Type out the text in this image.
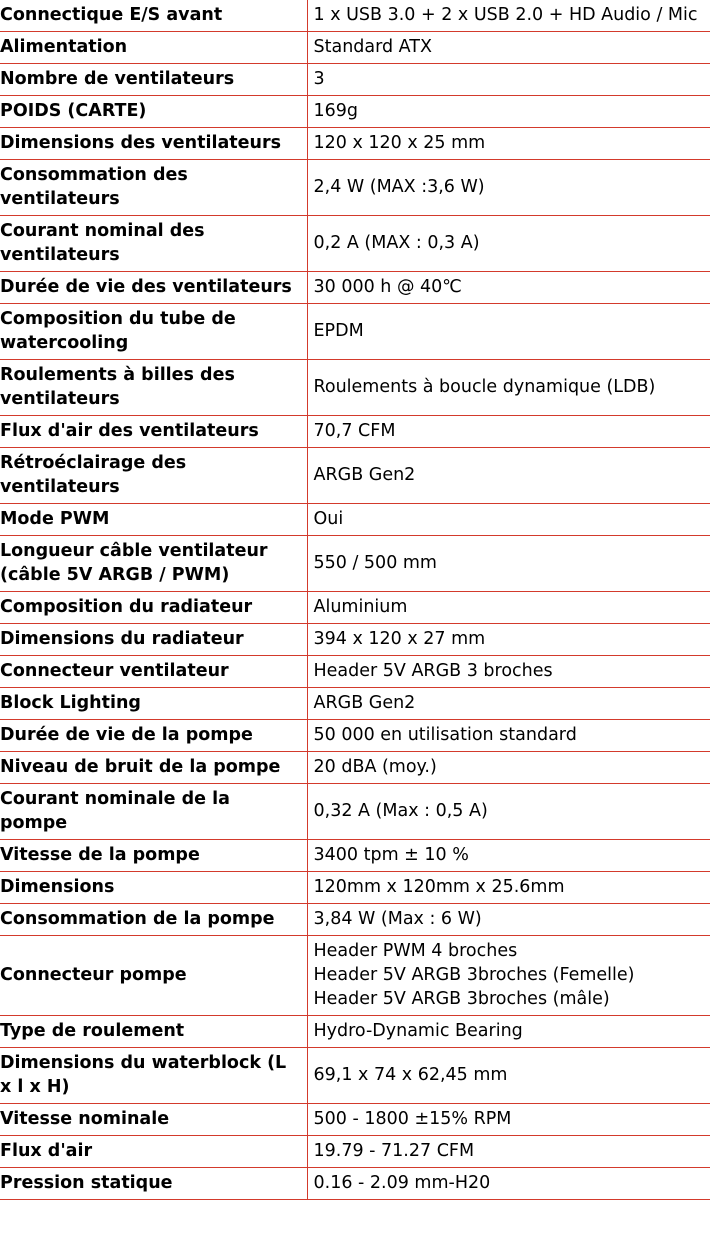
Connectique E/S avant	1 x USB 3.0 + 2 x USB 2.0 + HD Audio / Mic
Alimentation	Standard ATX
Nombre de ventilateurs	3
POIDS (CARTE)	169g
Dimensions des ventilateurs	120 x 120 x 25 mm
Consommation des ventilateurs	2,4 W (MAX :3,6 W)
Courant nominal des ventilateurs	0,2 A (MAX : 0,3 A)
Durée de vie des ventilateurs	30 000 h @ 40℃
Composition du tube de watercooling	EPDM
Roulements à billes des ventilateurs	Roulements à boucle dynamique (LDB)
Flux d'air des ventilateurs	70,7 CFM
Rétroéclairage des ventilateurs	ARGB Gen2
Mode PWM	Oui
Longueur câble ventilateur (câble 5V ARGB / PWM)	550 / 500 mm
Composition du radiateur	Aluminium
Dimensions du radiateur	394 x 120 x 27 mm
Connecteur ventilateur	Header 5V ARGB 3 broches
Block Lighting	ARGB Gen2
Durée de vie de la pompe	50 000 en utilisation standard
Niveau de bruit de la pompe	20 dBA (moy.)
Courant nominale de la pompe	0,32 A (Max : 0,5 A)
Vitesse de la pompe	3400 tpm ± 10 %
Dimensions	120mm x 120mm x 25.6mm
Consommation de la pompe	3,84 W (Max : 6 W)
Connecteur pompe	Header PWM 4 broches
Header 5V ARGB 3broches (Femelle)
Header 5V ARGB 3broches (mâle)
Type de roulement	Hydro-Dynamic Bearing
Dimensions du waterblock (L x l x H)	69,1 x 74 x 62,45 mm
Vitesse nominale	500 - 1800 ±15% RPM
Flux d'air	19.79 - 71.27 CFM
Pression statique	0.16 - 2.09 mm-H20
